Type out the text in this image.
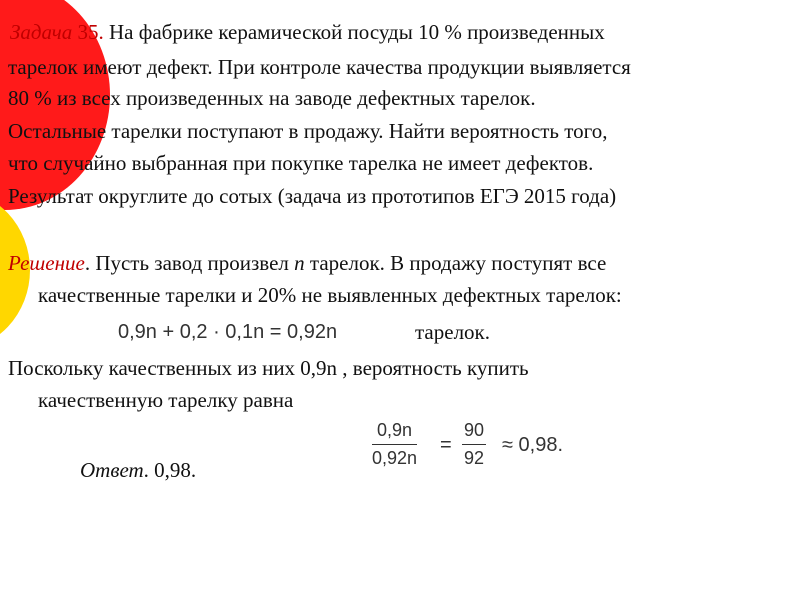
Задача 35. На фабрике керамической посуды 10 % произведенных
тарелок имеют дефект. При контроле качества продукции выявляется
80 % из всех произведенных на заводе дефектных тарелок.
Остальные тарелки поступают в продажу. Найти вероятность того,
что случайно выбранная при покупке тарелка не имеет дефектов.
Результат округлите до сотых (задача из прототипов ЕГЭ 2015 года)
Решение. Пусть завод произвел n тарелок. В продажу поступят все
качественные тарелки и 20% не выявленных дефектных тарелок:
0,9n + 0,2 · 0,1n = 0,92n	тарелок.
Поскольку качественных из них 0,9n , вероятность купить
качественную тарелку равна
$\frac{0,9n}{0,92n} = \frac{90}{92} \approx 0,98$.
Ответ. 0,98.
